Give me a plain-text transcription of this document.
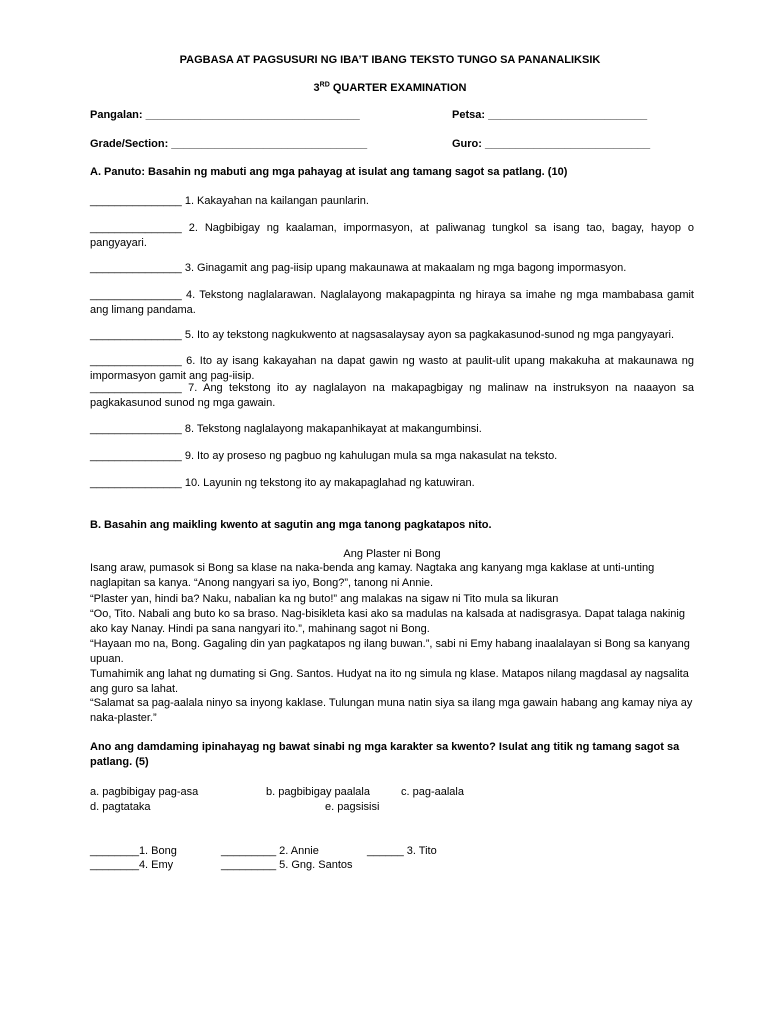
PAGBASA AT PAGSUSURI NG IBA’T IBANG TEKSTO TUNGO SA PANANALIKSIK

3RD QUARTER EXAMINATION

Pangalan: ___________________________________	Petsa: __________________________

Grade/Section: ________________________________	Guro: ___________________________

A. Panuto: Basahin ng mabuti ang mga pahayag at isulat ang tamang sagot sa patlang. (10)

_______________ 1. Kakayahan na kailangan paunlarin.

_______________ 2. Nagbibigay ng kaalaman, impormasyon, at paliwanag tungkol sa isang tao, bagay, hayop o pangyayari.

_______________ 3. Ginagamit ang pag-iisip upang makaunawa at makaalam ng mga bagong impormasyon.

_______________ 4. Tekstong naglalarawan. Naglalayong makapagpinta ng hiraya sa imahe ng mga mambabasa gamit ang limang pandama.

_______________ 5. Ito ay tekstong nagkukwento at nagsasalaysay ayon sa pagkakasunod-sunod ng mga pangyayari.

_______________ 6. Ito ay isang kakayahan na dapat gawin ng wasto at paulit-ulit upang makakuha at makaunawa ng impormasyon gamit ang pag-iisip.

_______________ 7. Ang tekstong ito ay naglalayon na makapagbigay ng malinaw na instruksyon na naaayon sa pagkakasunod sunod ng mga gawain.

_______________ 8. Tekstong naglalayong makapanhikayat at makangumbinsi.

_______________ 9. Ito ay proseso ng pagbuo ng kahulugan mula sa mga nakasulat na teksto.

_______________ 10. Layunin ng tekstong ito ay makapaglahad ng katuwiran.

B. Basahin ang maikling kwento at sagutin ang mga tanong pagkatapos nito.

Ang Plaster ni Bong

Isang araw, pumasok si Bong sa klase na naka-benda ang kamay. Nagtaka ang kanyang mga kaklase at unti-unting naglapitan sa kanya. “Anong nangyari sa iyo, Bong?”, tanong ni Annie.

“Plaster yan, hindi ba? Naku, nabalian ka ng buto!” ang malakas na sigaw ni Tito mula sa likuran

“Oo, Tito. Nabali ang buto ko sa braso. Nag-bisikleta kasi ako sa madulas na kalsada at nadisgrasya. Dapat talaga nakinig ako kay Nanay. Hindi pa sana nangyari ito.”, mahinang sagot ni Bong.

“Hayaan mo na, Bong. Gagaling din yan pagkatapos ng ilang buwan.”, sabi ni Emy habang inaalalayan si Bong sa kanyang upuan.

Tumahimik ang lahat ng dumating si Gng. Santos. Hudyat na ito ng simula ng klase. Matapos nilang magdasal ay nagsalita ang guro sa lahat.

“Salamat sa pag-aalala ninyo sa inyong kaklase. Tulungan muna natin siya sa ilang mga gawain habang ang kamay niya ay naka-plaster.”

Ano ang damdaming ipinahayag ng bawat sinabi ng mga karakter sa kwento? Isulat ang titik ng tamang sagot sa patlang. (5)

a. pagbibigay pag-asa	b. pagbibigay paalala	c. pag-aalala

d. pagtataka	e. pagsisisi

________1. Bong	_________ 2. Annie	______ 3. Tito

________4. Emy	_________ 5. Gng. Santos
